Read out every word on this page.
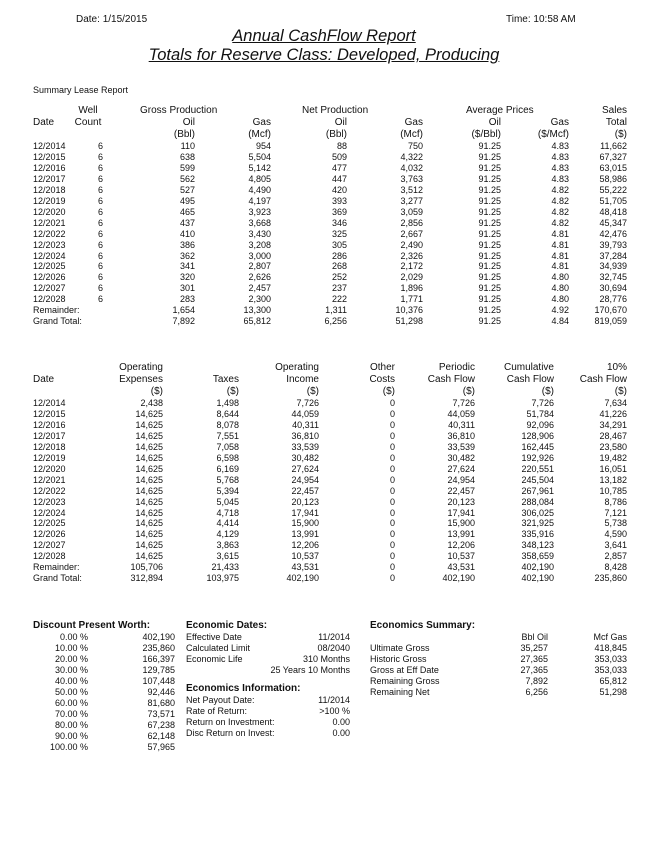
Date: 1/15/2015	Time: 10:58 AM
Annual CashFlow Report
Totals for Reserve Class: Developed, Producing
Summary Lease Report
Gross Production	Net Production	Average Prices
	Well							Sales
Date	Count	Oil	Gas	Oil	Gas	Oil	Gas	Total
		(Bbl)	(Mcf)	(Bbl)	(Mcf)	($/Bbl)	($/Mcf)	($)
12/2014	6	110	954	88	750	91.25	4.83	11,662
12/2015	6	638	5,504	509	4,322	91.25	4.83	67,327
12/2016	6	599	5,142	477	4,032	91.25	4.83	63,015
12/2017	6	562	4,805	447	3,763	91.25	4.83	58,986
12/2018	6	527	4,490	420	3,512	91.25	4.82	55,222
12/2019	6	495	4,197	393	3,277	91.25	4.82	51,705
12/2020	6	465	3,923	369	3,059	91.25	4.82	48,418
12/2021	6	437	3,668	346	2,856	91.25	4.82	45,347
12/2022	6	410	3,430	325	2,667	91.25	4.81	42,476
12/2023	6	386	3,208	305	2,490	91.25	4.81	39,793
12/2024	6	362	3,000	286	2,326	91.25	4.81	37,284
12/2025	6	341	2,807	268	2,172	91.25	4.81	34,939
12/2026	6	320	2,626	252	2,029	91.25	4.80	32,745
12/2027	6	301	2,457	237	1,896	91.25	4.80	30,694
12/2028	6	283	2,300	222	1,771	91.25	4.80	28,776
Remainder:		1,654	13,300	1,311	10,376	91.25	4.92	170,670
Grand Total:		7,892	65,812	6,256	51,298	91.25	4.84	819,059
	Operating		Operating	Other	Periodic	Cumulative	10%
Date	Expenses	Taxes	Income	Costs	Cash Flow	Cash Flow	Cash Flow
	($)	($)	($)	($)	($)	($)	($)
12/2014	2,438	1,498	7,726	0	7,726	7,726	7,634
12/2015	14,625	8,644	44,059	0	44,059	51,784	41,226
12/2016	14,625	8,078	40,311	0	40,311	92,096	34,291
12/2017	14,625	7,551	36,810	0	36,810	128,906	28,467
12/2018	14,625	7,058	33,539	0	33,539	162,445	23,580
12/2019	14,625	6,598	30,482	0	30,482	192,926	19,482
12/2020	14,625	6,169	27,624	0	27,624	220,551	16,051
12/2021	14,625	5,768	24,954	0	24,954	245,504	13,182
12/2022	14,625	5,394	22,457	0	22,457	267,961	10,785
12/2023	14,625	5,045	20,123	0	20,123	288,084	8,786
12/2024	14,625	4,718	17,941	0	17,941	306,025	7,121
12/2025	14,625	4,414	15,900	0	15,900	321,925	5,738
12/2026	14,625	4,129	13,991	0	13,991	335,916	4,590
12/2027	14,625	3,863	12,206	0	12,206	348,123	3,641
12/2028	14,625	3,615	10,537	0	10,537	358,659	2,857
Remainder:	105,706	21,433	43,531	0	43,531	402,190	8,428
Grand Total:	312,894	103,975	402,190	0	402,190	402,190	235,860
Discount Present Worth:
0.00 %	402,190
10.00 %	235,860
20.00 %	166,397
30.00 %	129,785
40.00 %	107,448
50.00 %	92,446
60.00 %	81,680
70.00 %	73,571
80.00 %	67,238
90.00 %	62,148
100.00 %	57,965
Economic Dates:
Effective Date	11/2014
Calculated Limit	08/2040
Economic Life	310 Months
	25 Years 10 Months
Economics Information:
Net Payout Date:	11/2014
Rate of Return:	>100 %
Return on Investment:	0.00
Disc Return on Invest:	0.00
Economics Summary:
	Bbl Oil	Mcf Gas
Ultimate Gross	35,257	418,845
Historic Gross	27,365	353,033
Gross at Eff Date	27,365	353,033
Remaining Gross	7,892	65,812
Remaining Net	6,256	51,298
